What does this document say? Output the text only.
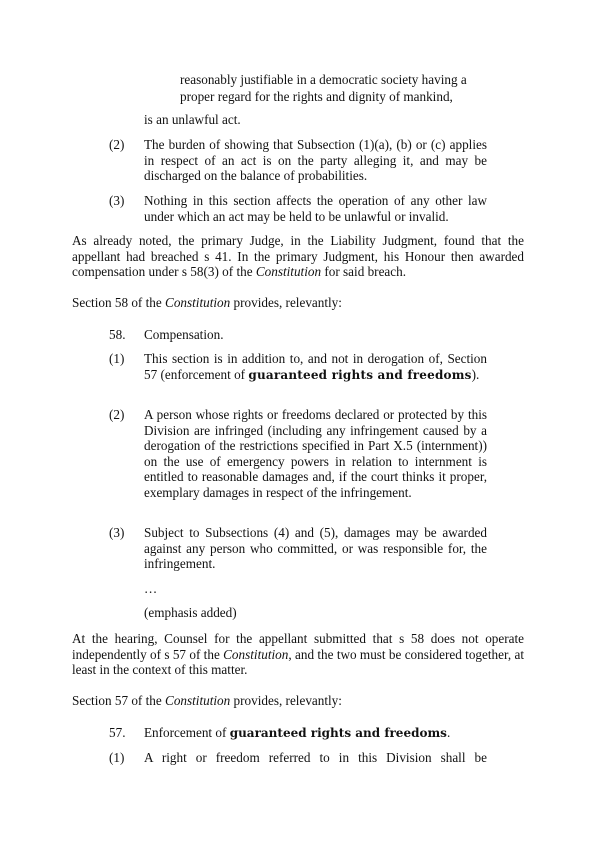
reasonably justifiable in a democratic society having a

proper regard for the rights and dignity of mankind,

is an unlawful act.

(2) The burden of showing that Subsection (1)(a), (b) or (c) applies in respect of an act is on the party alleging it, and may be discharged on the balance of probabilities.

(3) Nothing in this section affects the operation of any other law under which an act may be held to be unlawful or invalid.

As already noted, the primary Judge, in the Liability Judgment, found that the appellant had breached s 41. In the primary Judgment, his Honour then awarded compensation under s 58(3) of the Constitution for said breach.

Section 58 of the Constitution provides, relevantly:

58. Compensation.

(1) This section is in addition to, and not in derogation of, Section 57 (enforcement of guaranteed rights and freedoms).

(2) A person whose rights or freedoms declared or protected by this Division are infringed (including any infringement caused by a derogation of the restrictions specified in Part X.5 (internment)) on the use of emergency powers in relation to internment is entitled to reasonable damages and, if the court thinks it proper, exemplary damages in respect of the infringement.

(3) Subject to Subsections (4) and (5), damages may be awarded against any person who committed, or was responsible for, the infringement.

…

(emphasis added)

At the hearing, Counsel for the appellant submitted that s 58 does not operate independently of s 57 of the Constitution, and the two must be considered together, at least in the context of this matter.

Section 57 of the Constitution provides, relevantly:

57. Enforcement of guaranteed rights and freedoms.

(1) A right or freedom referred to in this Division shall be
